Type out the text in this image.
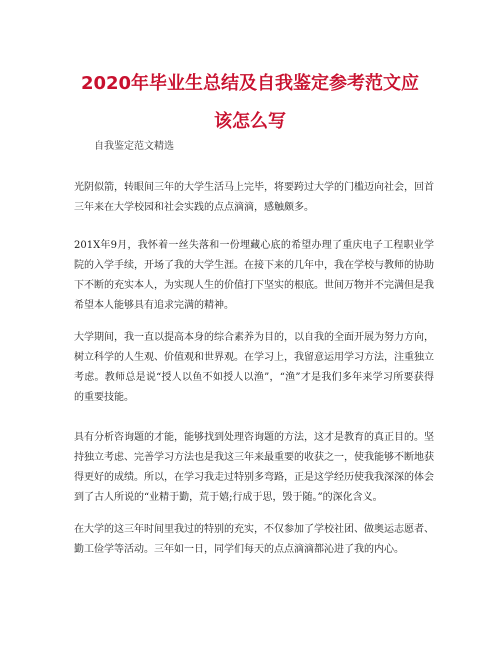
2020年毕业生总结及自我鉴定参考范文应
该怎么写
自我鉴定范文精选

光阴似箭，转眼间三年的大学生活马上完毕，将要跨过大学的门槛迈向社会，回首三年来在大学校园和社会实践的点点滴滴，感触颇多。

201X年9月，我怀着一丝失落和一份埋藏心底的希望办理了重庆电子工程职业学院的入学手续，开场了我的大学生涯。在接下来的几年中，我在学校与教师的协助下不断的充实本人，为实现人生的价值打下坚实的根底。世间万物并不完满但是我希望本人能够具有追求完满的精神。

大学期间，我一直以提高本身的综合素养为目的，以自我的全面开展为努力方向，树立科学的人生观、价值观和世界观。在学习上，我留意运用学习方法，注重独立考虑。教师总是说“授人以鱼不如授人以渔”，“渔”才是我们多年来学习所要获得的重要技能。

具有分析咨询题的才能，能够找到处理咨询题的方法，这才是教育的真正目的。坚持独立考虑、完善学习方法也是我这三年来最重要的收获之一，使我能够不断地获得更好的成绩。所以，在学习我走过特别多弯路，正是这学经历使我我深深的体会到了古人所说的“业精于勤，荒于嬉;行成于思，毁于随。”的深化含义。

在大学的这三年时间里我过的特别的充实，不仅参加了学校社团、做奥运志愿者、勤工俭学等活动。三年如一日，同学们每天的点点滴滴都沁进了我的内心。
